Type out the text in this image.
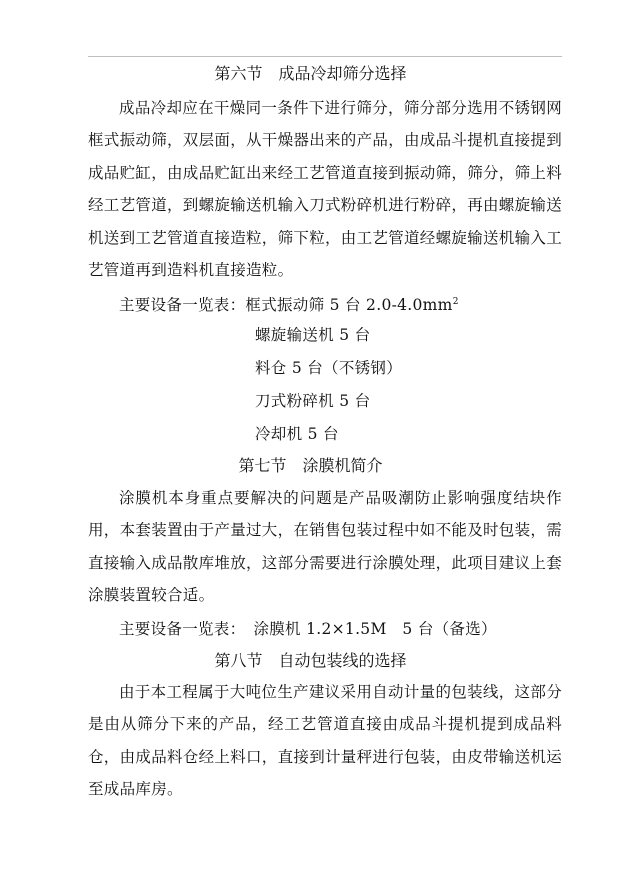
第六节　成品冷却筛分选择

成品冷却应在干燥同一条件下进行筛分，筛分部分选用不锈钢网框式振动筛，双层面，从干燥器出来的产品，由成品斗提机直接提到成品贮缸，由成品贮缸出来经工艺管道直接到振动筛，筛分，筛上料经工艺管道，到螺旋输送机输入刀式粉碎机进行粉碎，再由螺旋输送机送到工艺管道直接造粒，筛下粒，由工艺管道经螺旋输送机输入工艺管道再到造料机直接造粒。

主要设备一览表：框式振动筛 5 台 $2.0-4.0mm^2$
螺旋输送机 5 台
料仓 5 台（不锈钢）
刀式粉碎机 5 台
冷却机 5 台
第七节　涂膜机简介

涂膜机本身重点要解决的问题是产品吸潮防止影响强度结块作用，本套装置由于产量过大，在销售包装过程中如不能及时包装，需直接输入成品散库堆放，这部分需要进行涂膜处理，此项目建议上套涂膜装置较合适。

主要设备一览表：　涂膜机 1.2×1.5M　5 台（备选）
第八节　自动包装线的选择

由于本工程属于大吨位生产建议采用自动计量的包装线，这部分是由从筛分下来的产品，经工艺管道直接由成品斗提机提到成品料仓，由成品料仓经上料口，直接到计量秤进行包装，由皮带输送机运至成品库房。
